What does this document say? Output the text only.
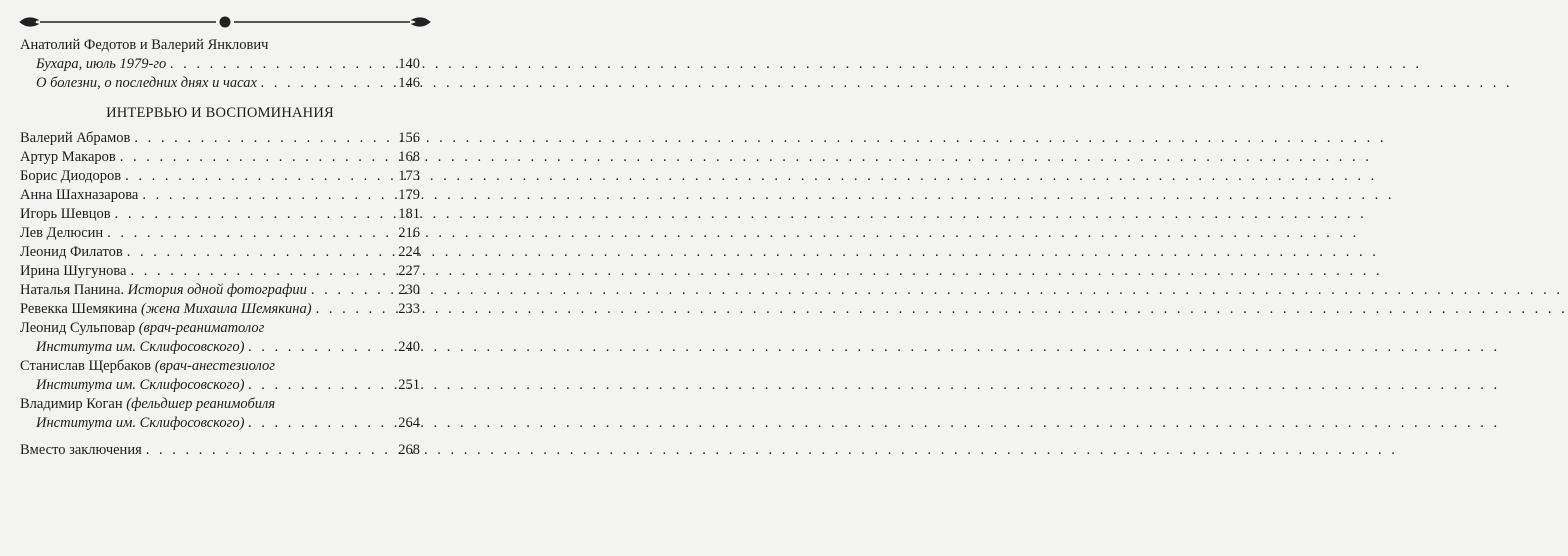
Анатолий Федотов и Валерий Янклович
Бухара, июль 1979-го . . .	140
О болезни, о последних днях и часах . . .	146
ИНТЕРВЬЮ И ВОСПОМИНАНИЯ
Валерий Абрамов . . .	156
Артур Макаров . . .	168
Борис Диодоров . . .	173
Анна Шахназарова . . .	179
Игорь Шевцов . . .	181
Лев Делюсин . . .	216
Леонид Филатов . . .	224
Ирина Шугунова . . .	227
Наталья Панина. История одной фотографии . . .	230
Ревекка Шемякина (жена Михаила Шемякина) . . .	233
Леонид Сульповар (врач-реаниматолог
Института им. Склифосовского) . . .	240
Станислав Щербаков (врач-анестезиолог
Института им. Склифосовского) . . .	251
Владимир Коган (фельдшер реанимобиля
Института им. Склифосовского) . . .	264
Вместо заключения . . .	268
